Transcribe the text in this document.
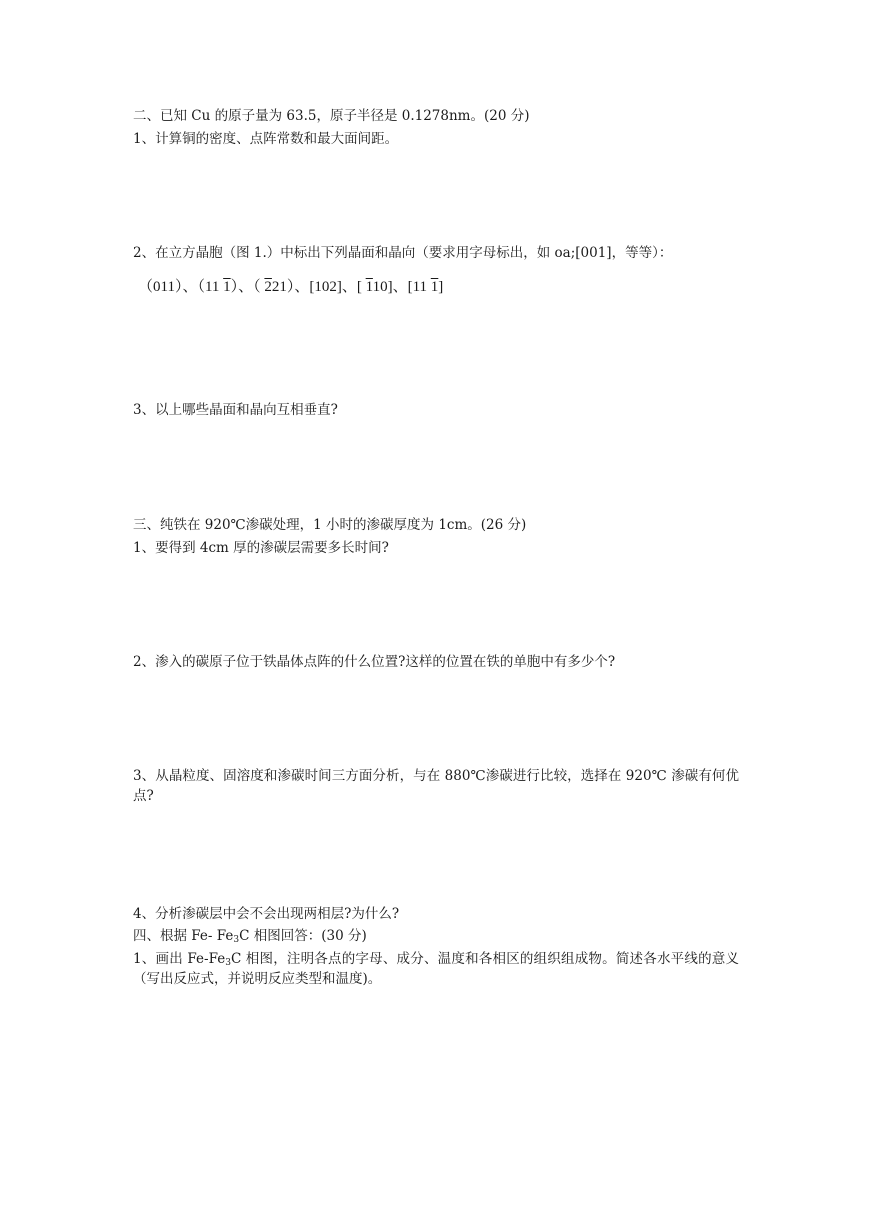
二、已知 Cu 的原子量为 63.5，原子半径是 0.1278nm。(20 分)
1、计算铜的密度、点阵常数和最大面间距。
2、在立方晶胞（图 1.）中标出下列晶面和晶向（要求用字母标出，如 oa;[001]，等等）：
（011）、（11 1）、（ 221）、[102]、[ 110]、[11 1]
3、以上哪些晶面和晶向互相垂直?
三、纯铁在 920℃渗碳处理，1 小时的渗碳厚度为 1cm。(26 分)
1、要得到 4cm 厚的渗碳层需要多长时间?
2、渗入的碳原子位于铁晶体点阵的什么位置?这样的位置在铁的单胞中有多少个?
3、从晶粒度、固溶度和渗碳时间三方面分析，与在 880℃渗碳进行比较，选择在 920℃ 渗碳有何优点?
4、分析渗碳层中会不会出现两相层?为什么?
四、根据 Fe- $Fe_3C$ 相图回答：(30 分)
1、画出 $Fe-Fe_3C$ 相图，注明各点的字母、成分、温度和各相区的组织组成物。简述各水平线的意义（写出反应式，并说明反应类型和温度)。
